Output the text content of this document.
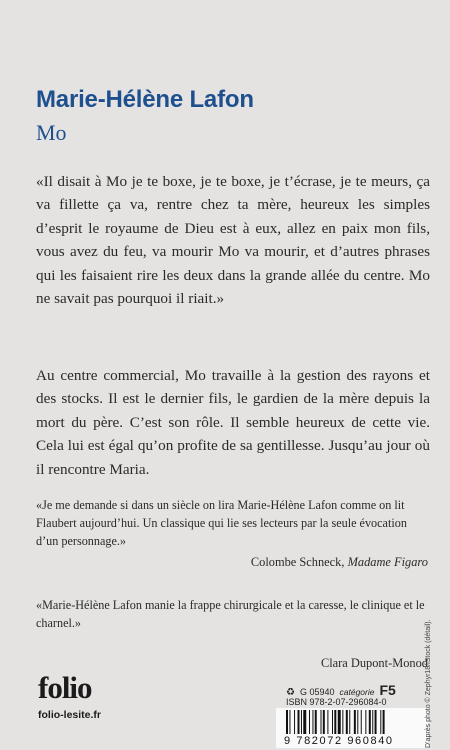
Marie-Hélène Lafon
Mo
«Il disait à Mo je te boxe, je te boxe, je t’écrase, je te meurs, ça va fillette ça va, rentre chez ta mère, heureux les simples d’esprit le royaume de Dieu est à eux, allez en paix mon fils, vous avez du feu, va mourir Mo va mourir, et d’autres phrases qui les faisaient rire les deux dans la grande allée du centre. Mo ne savait pas pourquoi il riait.»
Au centre commercial, Mo travaille à la gestion des rayons et des stocks. Il est le dernier fils, le gardien de la mère depuis la mort du père. C’est son rôle. Il semble heureux de cette vie. Cela lui est égal qu’on profite de sa gentillesse. Jusqu’au jour où il rencontre Maria.
«Je me demande si dans un siècle on lira Marie-Hélène Lafon comme on lit Flaubert aujourd’hui. Un classique qui lie ses lecteurs par la seule évocation d’un personnage.»
Colombe Schneck, Madame Figaro
«Marie-Hélène Lafon manie la frappe chirurgicale et la caresse, le clinique et le charnel.»
Clara Dupont-Monod
folio
folio-lesite.fr
♻ G 05940 catégorie F5
ISBN 978-2-07-296084-0
9 782072 960840	D’après photo © Zephyr18/iStock (détail).
